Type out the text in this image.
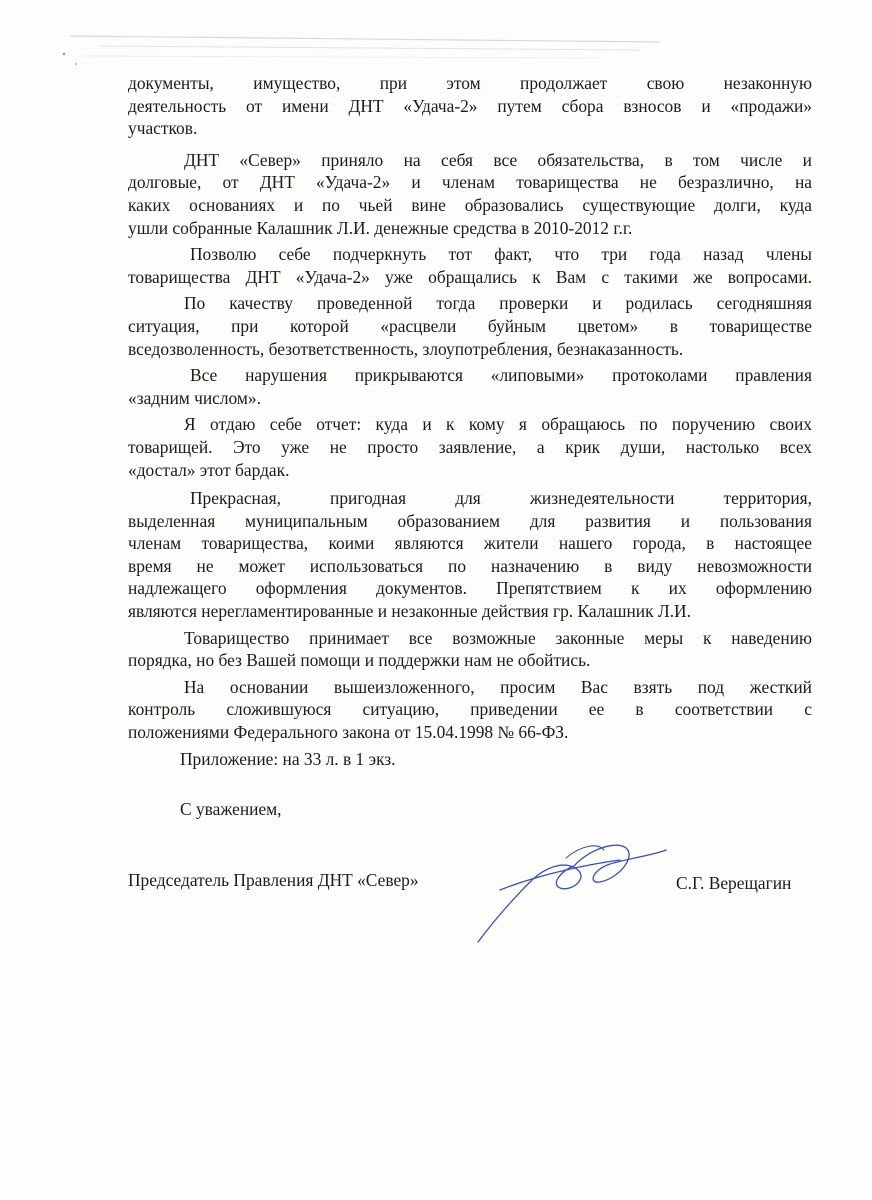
документы, имущество, при этом продолжает свою незаконную
деятельность от имени ДНТ «Удача-2» путем сбора взносов и «продажи»
участков.
ДНТ «Север» приняло на себя все обязательства, в том числе и
долговые, от ДНТ «Удача-2» и членам товарищества не безразлично, на
каких основаниях и по чьей вине образовались существующие долги, куда
ушли собранные Калашник Л.И. денежные средства в 2010-2012 г.г.
Позволю себе подчеркнуть тот факт, что три года назад члены
товарищества ДНТ «Удача-2» уже обращались к Вам с такими же вопросами.
По качеству проведенной тогда проверки и родилась сегодняшняя
ситуация, при которой «расцвели буйным цветом» в товариществе
вседозволенность, безответственность, злоупотребления, безнаказанность.
Все нарушения прикрываются «липовыми» протоколами правления
«задним числом».
Я отдаю себе отчет: куда и к кому я обращаюсь по поручению своих
товарищей. Это уже не просто заявление, а крик души, настолько всех
«достал» этот бардак.
Прекрасная, пригодная для жизнедеятельности территория,
выделенная муниципальным образованием для развития и пользования
членам товарищества, коими являются жители нашего города, в настоящее
время не может использоваться по назначению в виду невозможности
надлежащего оформления документов. Препятствием к их оформлению
являются нерегламентированные и незаконные действия гр. Калашник Л.И.
Товарищество принимает все возможные законные меры к наведению
порядка, но без Вашей помощи и поддержки нам не обойтись.
На основании вышеизложенного, просим Вас взять под жесткий
контроль сложившуюся ситуацию, приведении ее в соответствии с
положениями Федерального закона от 15.04.1998 № 66-ФЗ.
Приложение: на 33 л. в 1 экз.
С уважением,
Председатель Правления ДНТ «Север»	С.Г. Верещагин
